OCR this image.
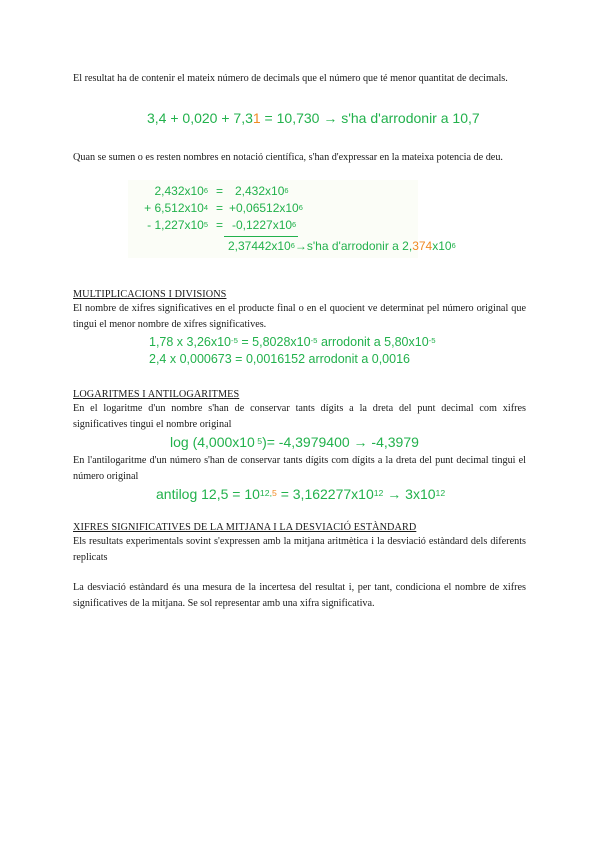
El resultat ha de contenir el mateix número de decimals que el número que té menor quantitat de decimals.
3,4 + 0,020 + 7,31 = 10,730 → s'ha d'arrodonir a 10,7
Quan se sumen o es resten nombres en notació científica, s'han d'expressar en la mateixa potencia de deu.
$2,432x10^6 = 2,432x10^6$
+ $6,512x10^4 = +0,06512x10^6$
- $1,227x10^5 = -0,1227x10^6$
$2,37442x10^6\to s'ha$ d'arrodonir a $2,374x10^6$
MULTIPLICACIONS I DIVISIONS
El nombre de xifres significatives en el producte final o en el quocient ve determinat pel número original que tingui el menor nombre de xifres significatives.
1,78 x $3,26x10^{-5} = 5,8028x10^{-5}$ arrodonit a $5,80x10^{-5}$
2,4 x 0,000673 = 0,0016152 arrodonit a 0,0016
LOGARITMES I ANTILOGARITMES
En el logaritme d'un nombre s'han de conservar tants dígits a la dreta del punt decimal com xifres significatives tingui el nombre original
log (4,000x10 $^5$)= -4,3979400 → -4,3979
En l'antilogaritme d'un número s'han de conservar tants dígits com dígits a la dreta del punt decimal tingui el número original
antilog $12,5 = 10^{12,5} = 3,162277x10^{12} \to 3x10^{12}$
XIFRES SIGNIFICATIVES DE LA MITJANA I LA DESVIACIÓ ESTÀNDARD
Els resultats experimentals sovint s'expressen amb la mitjana aritmètica i la desviació estàndard dels diferents replicats
La desviació estàndard és una mesura de la incertesa del resultat i, per tant, condiciona el nombre de xifres significatives de la mitjana. Se sol representar amb una xifra significativa.
